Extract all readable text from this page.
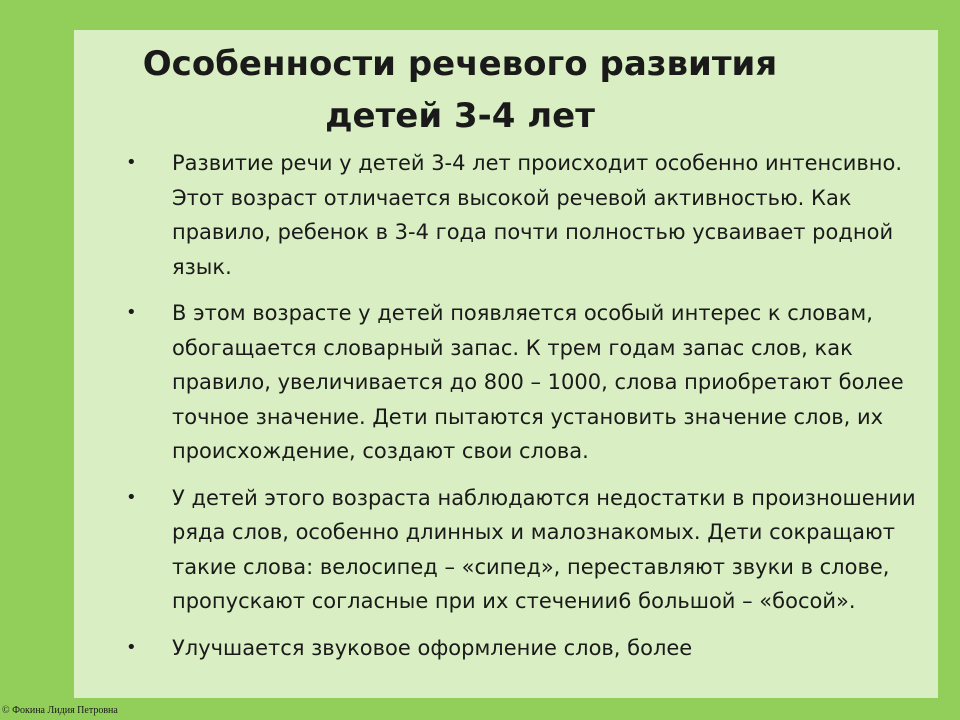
Особенности речевого развития
детей 3-4 лет
• Развитие речи у детей 3-4 лет происходит особенно интенсивно. Этот возраст отличается высокой речевой активностью. Как правило, ребенок в 3-4 года почти полностью усваивает родной язык.
• В этом возрасте у детей появляется особый интерес к словам, обогащается словарный запас. К трем годам запас слов, как правило, увеличивается до 800 – 1000, слова приобретают более точное значение. Дети пытаются установить значение слов, их происхождение, создают свои слова.
• У детей этого возраста наблюдаются недостатки в произношении ряда слов, особенно длинных и малознакомых. Дети сокращают такие слова: велосипед – «сипед», переставляют звуки в слове, пропускают согласные при их стечении6 большой – «босой».
• Улучшается звуковое оформление слов, более
© Фокина Лидия Петровна
